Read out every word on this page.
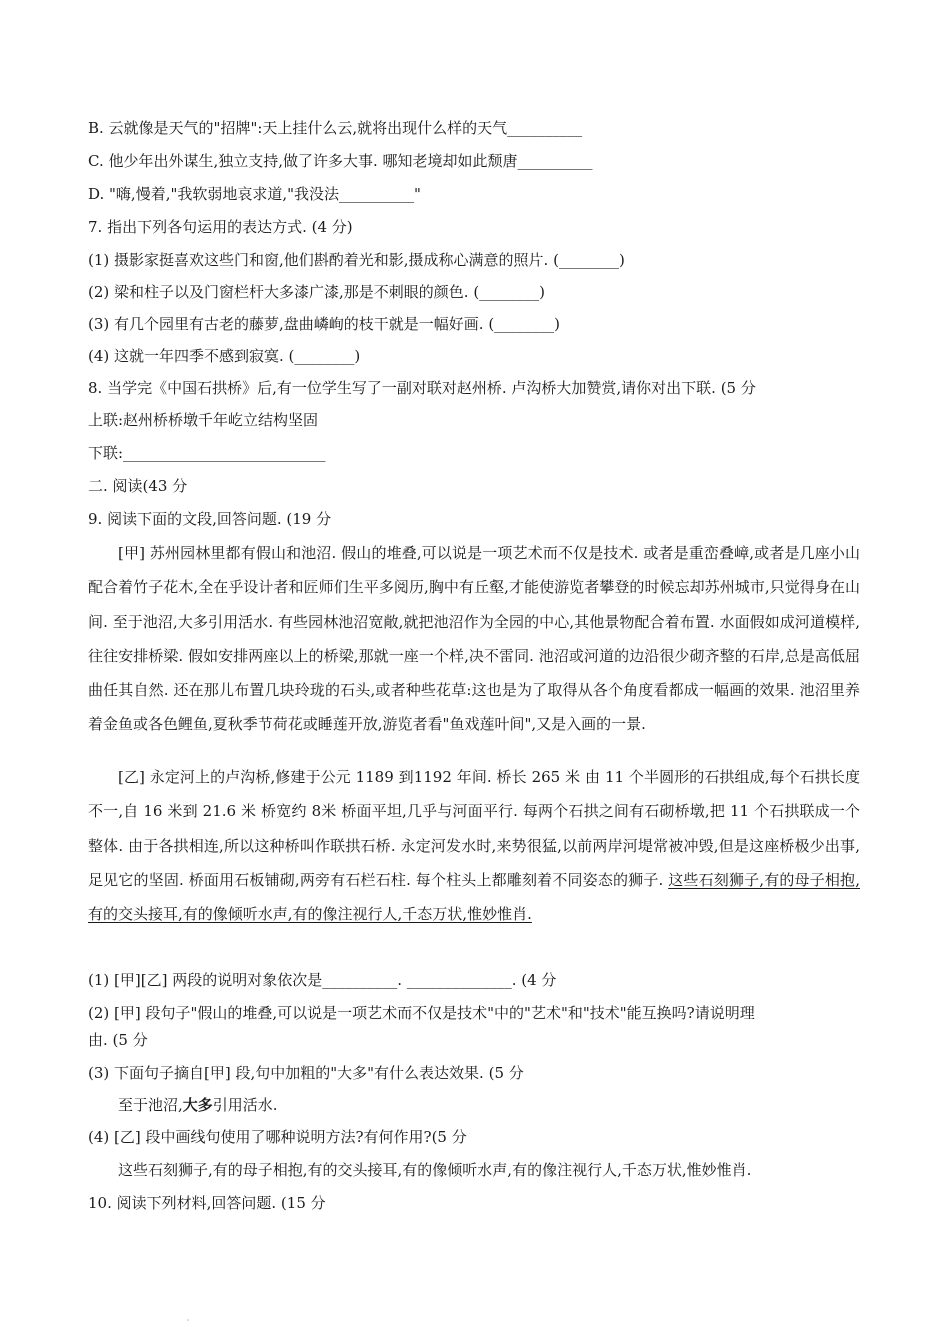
B. 云就像是天气的"招牌":天上挂什么云,就将出现什么样的天气__________
C. 他少年出外谋生,独立支持,做了许多大事. 哪知老境却如此颓唐__________
D. "嗨,慢着,"我软弱地哀求道,"我没法__________"
7. 指出下列各句运用的表达方式. (4 分)
(1) 摄影家挺喜欢这些门和窗,他们斟酌着光和影,摄成称心满意的照片. (________)
(2) 梁和柱子以及门窗栏杆大多漆广漆,那是不刺眼的颜色. (________)
(3) 有几个园里有古老的藤萝,盘曲嶙峋的枝干就是一幅好画. (________)
(4) 这就一年四季不感到寂寞. (________)
8. 当学完《中国石拱桥》后,有一位学生写了一副对联对赵州桥. 卢沟桥大加赞赏,请你对出下联. (5 分
上联:赵州桥桥墩千年屹立结构坚固
下联:___________________________
二. 阅读(43 分
9. 阅读下面的文段,回答问题. (19 分
[甲] 苏州园林里都有假山和池沼. 假山的堆叠,可以说是一项艺术而不仅是技术. 或者是重峦叠嶂,或者是几座小山配合着竹子花木,全在乎设计者和匠师们生平多阅历,胸中有丘壑,才能使游览者攀登的时候忘却苏州城市,只觉得身在山间. 至于池沼,大多引用活水. 有些园林池沼宽敞,就把池沼作为全园的中心,其他景物配合着布置. 水面假如成河道模样,往往安排桥梁. 假如安排两座以上的桥梁,那就一座一个样,决不雷同. 池沼或河道的边沿很少砌齐整的石岸,总是高低屈曲任其自然. 还在那儿布置几块玲珑的石头,或者种些花草:这也是为了取得从各个角度看都成一幅画的效果. 池沼里养着金鱼或各色鲤鱼,夏秋季节荷花或睡莲开放,游览者看"鱼戏莲叶间",又是入画的一景.
[乙] 永定河上的卢沟桥,修建于公元 1189 到1192 年间. 桥长 265 米 由 11 个半圆形的石拱组成,每个石拱长度不一,自 16 米到 21.6 米 桥宽约 8米 桥面平坦,几乎与河面平行. 每两个石拱之间有石砌桥墩,把 11 个石拱联成一个整体. 由于各拱相连,所以这种桥叫作联拱石桥. 永定河发水时,来势很猛,以前两岸河堤常被冲毁,但是这座桥极少出事,足见它的坚固. 桥面用石板铺砌,两旁有石栏石柱. 每个柱头上都雕刻着不同姿态的狮子. 这些石刻狮子,有的母子相抱,有的交头接耳,有的像倾听水声,有的像注视行人,千态万状,惟妙惟肖.
(1) [甲][乙] 两段的说明对象依次是__________. ______________. (4 分
(2) [甲] 段句子"假山的堆叠,可以说是一项艺术而不仅是技术"中的"艺术"和"技术"能互换吗?请说明理
由. (5 分
(3) 下面句子摘自[甲] 段,句中加粗的"大多"有什么表达效果. (5 分
至于池沼,大多引用活水.
(4) [乙] 段中画线句使用了哪种说明方法?有何作用?(5 分
这些石刻狮子,有的母子相抱,有的交头接耳,有的像倾听水声,有的像注视行人,千态万状,惟妙惟肖.
10. 阅读下列材料,回答问题. (15 分
